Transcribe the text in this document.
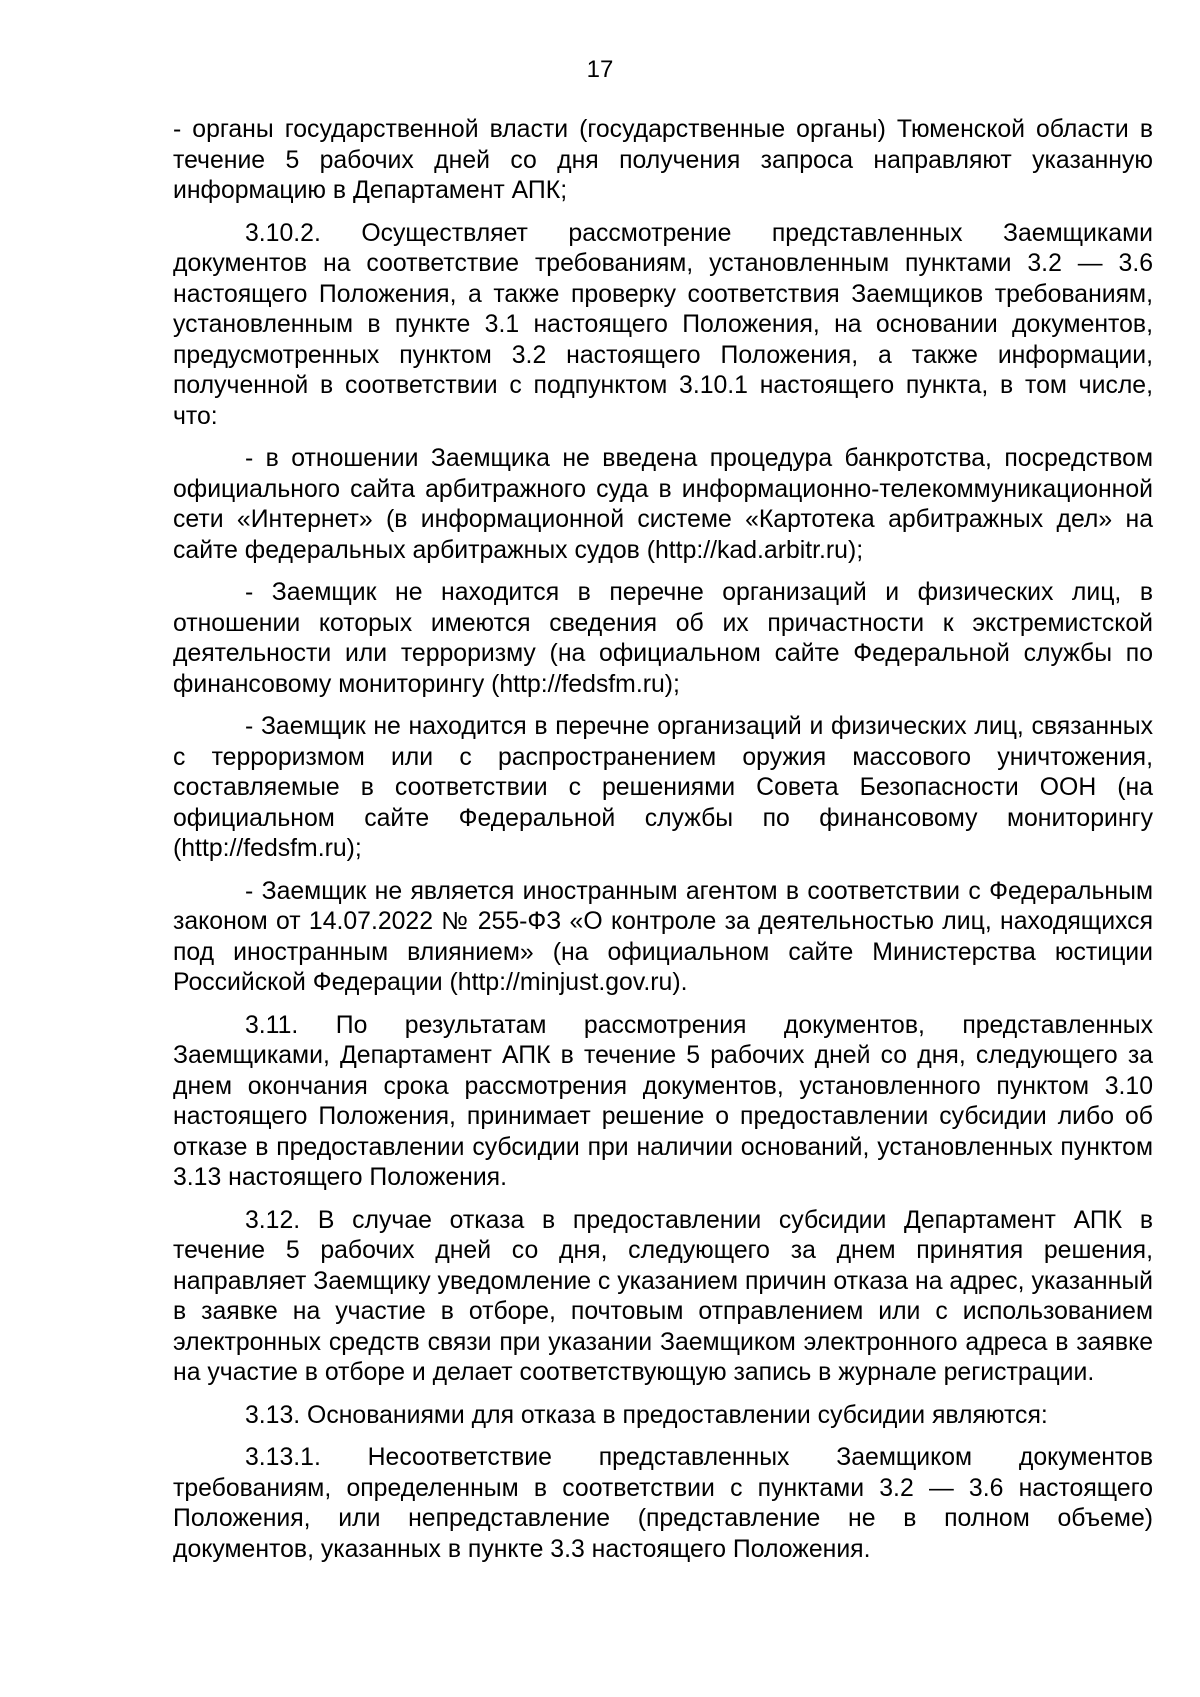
17

- органы государственной власти (государственные органы) Тюменской области в течение 5 рабочих дней со дня получения запроса направляют указанную информацию в Департамент АПК;

3.10.2. Осуществляет рассмотрение представленных Заемщиками документов на соответствие требованиям, установленным пунктами 3.2 — 3.6 настоящего Положения, а также проверку соответствия Заемщиков требованиям, установленным в пункте 3.1 настоящего Положения, на основании документов, предусмотренных пунктом 3.2 настоящего Положения, а также информации, полученной в соответствии с подпунктом 3.10.1 настоящего пункта, в том числе, что:

- в отношении Заемщика не введена процедура банкротства, посредством официального сайта арбитражного суда в информационно-телекоммуникационной сети «Интернет» (в информационной системе «Картотека арбитражных дел» на сайте федеральных арбитражных судов (http://kad.arbitr.ru);

- Заемщик не находится в перечне организаций и физических лиц, в отношении которых имеются сведения об их причастности к экстремистской деятельности или терроризму (на официальном сайте Федеральной службы по финансовому мониторингу (http://fedsfm.ru);

- Заемщик не находится в перечне организаций и физических лиц, связанных с терроризмом или с распространением оружия массового уничтожения, составляемые в соответствии с решениями Совета Безопасности ООН (на официальном сайте Федеральной службы по финансовому мониторингу (http://fedsfm.ru);

- Заемщик не является иностранным агентом в соответствии с Федеральным законом от 14.07.2022 № 255-ФЗ «О контроле за деятельностью лиц, находящихся под иностранным влиянием» (на официальном сайте Министерства юстиции Российской Федерации (http://minjust.gov.ru).

3.11. По результатам рассмотрения документов, представленных Заемщиками, Департамент АПК в течение 5 рабочих дней со дня, следующего за днем окончания срока рассмотрения документов, установленного пунктом 3.10 настоящего Положения, принимает решение о предоставлении субсидии либо об отказе в предоставлении субсидии при наличии оснований, установленных пунктом 3.13 настоящего Положения.

3.12. В случае отказа в предоставлении субсидии Департамент АПК в течение 5 рабочих дней со дня, следующего за днем принятия решения, направляет Заемщику уведомление с указанием причин отказа на адрес, указанный в заявке на участие в отборе, почтовым отправлением или с использованием электронных средств связи при указании Заемщиком электронного адреса в заявке на участие в отборе и делает соответствующую запись в журнале регистрации.

3.13. Основаниями для отказа в предоставлении субсидии являются:

3.13.1. Несоответствие представленных Заемщиком документов требованиям, определенным в соответствии с пунктами 3.2 — 3.6 настоящего Положения, или непредставление (представление не в полном объеме) документов, указанных в пункте 3.3 настоящего Положения.
